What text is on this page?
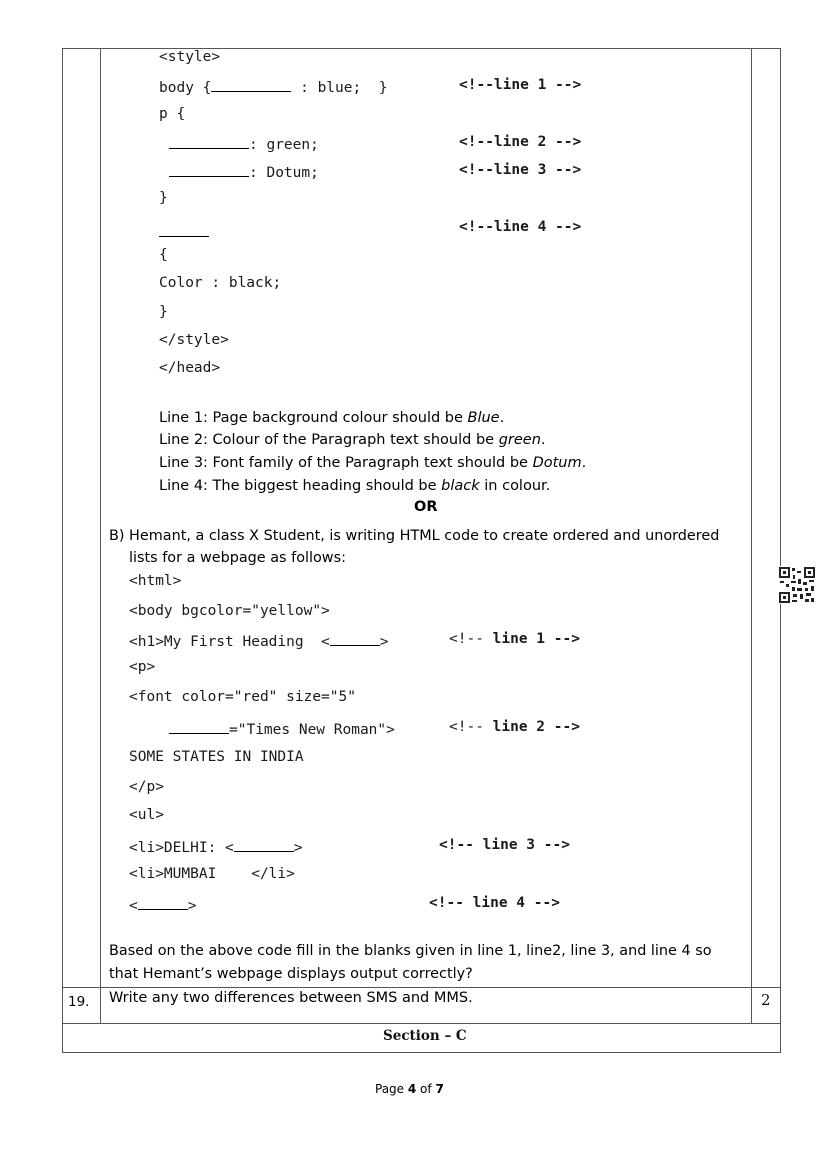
<style>
body {	: blue;  }	<!--line 1 -->
p {
: green;	<!--line 2 -->
: Dotum;	<!--line 3 -->
}
<!--line 4 -->
{
Color : black;
}
</style>
</head>
Line 1: Page background colour should be Blue.
Line 2: Colour of the Paragraph text should be green.
Line 3: Font family of the Paragraph text should be Dotum.
Line 4: The biggest heading should be black in colour.
OR
B) Hemant, a class X Student, is writing HTML code to create ordered and unordered
lists for a webpage as follows:
<html>
<body bgcolor="yellow">
<h1>My First Heading  <	>	<!-- line 1 -->
<p>
<font color="red" size="5"
="Times New Roman">	<!-- line 2 -->
SOME STATES IN INDIA
</p>
<ul>
<li>DELHI: <	>	<!-- line 3 -->
<li>MUMBAI    </li>
<	>	<!-- line 4 -->
Based on the above code fill in the blanks given in line 1, line2, line 3, and line 4 so
that Hemant’s webpage displays output correctly?
19. Write any two differences between SMS and MMS.	2
Section – C
Page 4 of 7
